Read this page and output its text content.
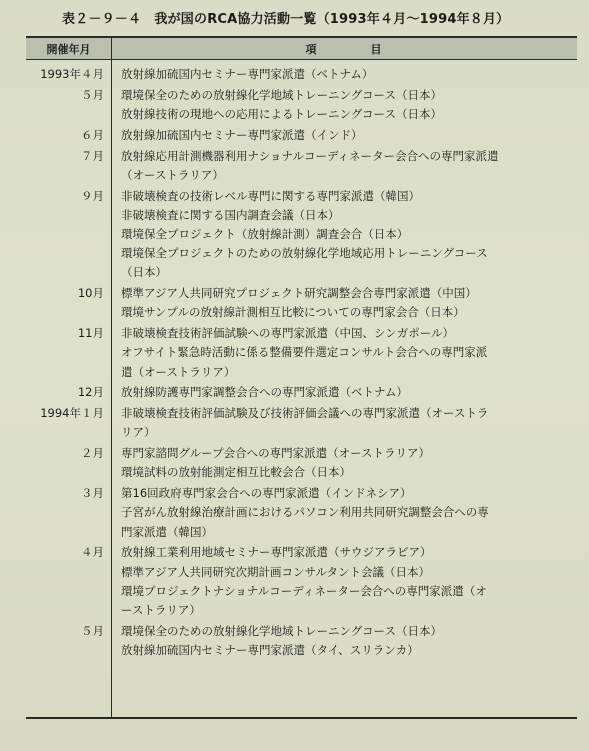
表２－９－４　我が国のRCA協力活動一覧（1993年４月～1994年８月）
開催年月	項　　　　目
1993年４月 放射線加硫国内セミナー専門家派遣（ベトナム）
５月 環境保全のための放射線化学地域トレーニングコース（日本）
放射線技術の現地への応用によるトレーニングコース（日本）
６月 放射線加硫国内セミナー専門家派遣（インド）
７月 放射線応用計測機器利用ナショナルコーディネーター会合への専門家派遣
（オーストラリア）
９月 非破壊検査の技術レベル専門に関する専門家派遣（韓国）
非破壊検査に関する国内調査会議（日本）
環境保全プロジェクト（放射線計測）調査会合（日本）
環境保全プロジェクトのための放射線化学地域応用トレーニングコース
（日本）
10月 標準アジア人共同研究プロジェクト研究調整会合専門家派遣（中国）
環境サンプルの放射線計測相互比較についての専門家会合（日本）
11月 非破壊検査技術評価試験への専門家派遣（中国、シンガポール）
オフサイト緊急時活動に係る整備要件選定コンサルト会合への専門家派
遣（オーストラリア）
12月 放射線防護専門家調整会合への専門家派遣（ベトナム）
1994年１月 非破壊検査技術評価試験及び技術評価会議への専門家派遣（オーストラ
リア）
２月 専門家諮問グループ会合への専門家派遣（オーストラリア）
環境試料の放射能測定相互比較会合（日本）
３月 第16回政府専門家会合への専門家派遣（インドネシア）
子宮がん放射線治療計画におけるパソコン利用共同研究調整会合への専
門家派遣（韓国）
４月 放射線工業利用地域セミナー専門家派遣（サウジアラビア）
標準アジア人共同研究次期計画コンサルタント会議（日本）
環境プロジェクトナショナルコーディネーター会合への専門家派遣（オ
ーストラリア）
５月 環境保全のための放射線化学地域トレーニングコース（日本）
放射線加硫国内セミナー専門家派遣（タイ、スリランカ）
